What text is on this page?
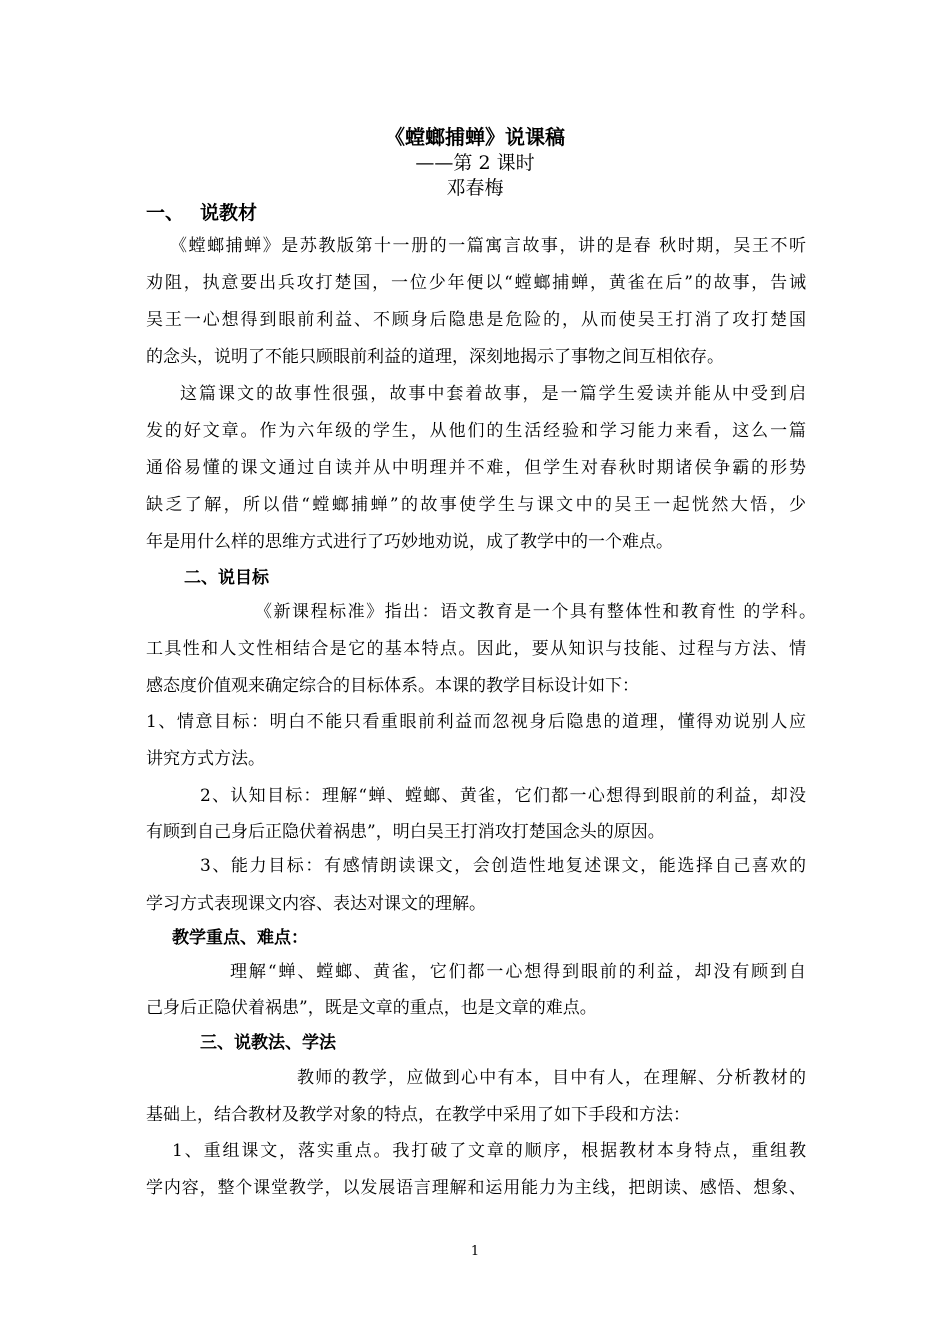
《螳螂捕蝉》说课稿
——第 2 课时
邓春梅
一、 说教材
《螳螂捕蝉》是苏教版第十一册的一篇寓言故事，讲的是春 秋时期，吴王不听
劝阻，执意要出兵攻打楚国，一位少年便以“螳螂捕蝉，黄雀在后”的故事，告诫
吴王一心想得到眼前利益、不顾身后隐患是危险的，从而使吴王打消了攻打楚国
的念头，说明了不能只顾眼前利益的道理，深刻地揭示了事物之间互相依存。
这篇课文的故事性很强，故事中套着故事，是一篇学生爱读并能从中受到启
发的好文章。作为六年级的学生，从他们的生活经验和学习能力来看，这么一篇
通俗易懂的课文通过自读并从中明理并不难，但学生对春秋时期诸侯争霸的形势
缺乏了解，所以借“螳螂捕蝉”的故事使学生与课文中的吴王一起恍然大悟，少
年是用什么样的思维方式进行了巧妙地劝说，成了教学中的一个难点。
二、说目标
《新课程标准》指出：语文教育是一个具有整体性和教育性 的学科。
工具性和人文性相结合是它的基本特点。因此，要从知识与技能、过程与方法、情
感态度价值观来确定综合的目标体系。本课的教学目标设计如下：
1、情意目标：明白不能只看重眼前利益而忽视身后隐患的道理，懂得劝说别人应
讲究方式方法。
2、认知目标：理解“蝉、螳螂、黄雀，它们都一心想得到眼前的利益，却没
有顾到自己身后正隐伏着祸患”，明白吴王打消攻打楚国念头的原因。
3、能力目标：有感情朗读课文，会创造性地复述课文，能选择自己喜欢的
学习方式表现课文内容、表达对课文的理解。
教学重点、难点：
理解“蝉、螳螂、黄雀，它们都一心想得到眼前的利益，却没有顾到自
己身后正隐伏着祸患”，既是文章的重点，也是文章的难点。
三、说教法、学法
教师的教学，应做到心中有本，目中有人，在理解、分析教材的
基础上，结合教材及教学对象的特点，在教学中采用了如下手段和方法：
1、重组课文，落实重点。我打破了文章的顺序，根据教材本身特点，重组教
学内容，整个课堂教学，以发展语言理解和运用能力为主线，把朗读、感悟、想象、
1
